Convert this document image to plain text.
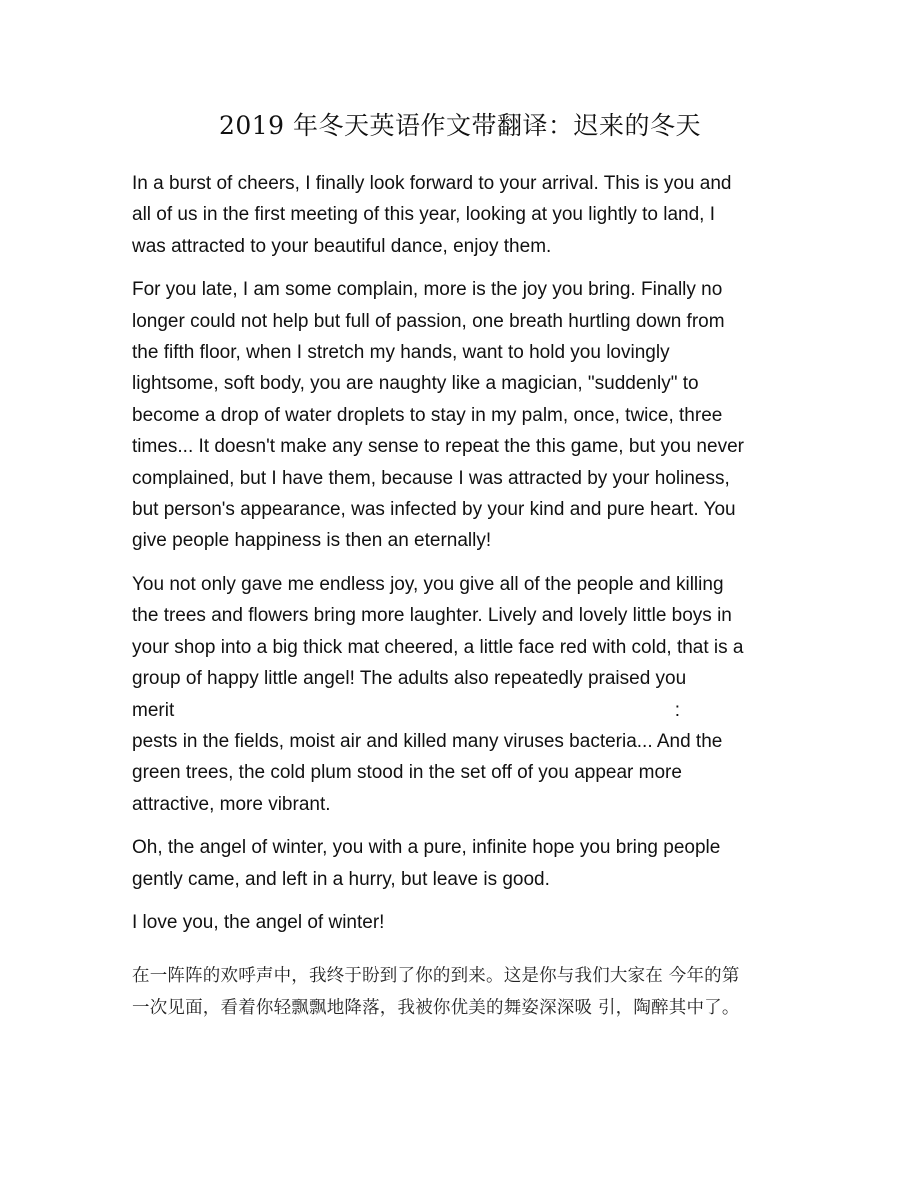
2019 年冬天英语作文带翻译：迟来的冬天

In a burst of cheers, I finally look forward to your arrival. This is you and all of us in the first meeting of this year, looking at you lightly to land, I was attracted to your beautiful dance, enjoy them.

For you late, I am some complain, more is the joy you bring. Finally no longer could not help but full of passion, one breath hurtling down from the fifth floor, when I stretch my hands, want to hold you lovingly lightsome, soft body, you are naughty like a magician, "suddenly" to become a drop of water droplets to stay in my palm, once, twice, three times... It doesn't make any sense to repeat the this game, but you never complained, but I have them, because I was attracted by your holiness, but person's appearance, was infected by your kind and pure heart. You give people happiness is then an eternally!

You not only gave me endless joy, you give all of the people and killing the trees and flowers bring more laughter. Lively and lovely little boys in your shop into a big thick mat cheered, a little face red with cold, that is a group of happy little angel! The adults also repeatedly praised you
merit	:
pests in the fields, moist air and killed many viruses bacteria... And the green trees, the cold plum stood in the set off of you appear more attractive, more vibrant.

Oh, the angel of winter, you with a pure, infinite hope you bring people gently came, and left in a hurry, but leave is good.

I love you, the angel of winter!

在一阵阵的欢呼声中，我终于盼到了你的到来。这是你与我们大家在 今年的第一次见面，看着你轻飘飘地降落，我被你优美的舞姿深深吸 引，陶醉其中了。
